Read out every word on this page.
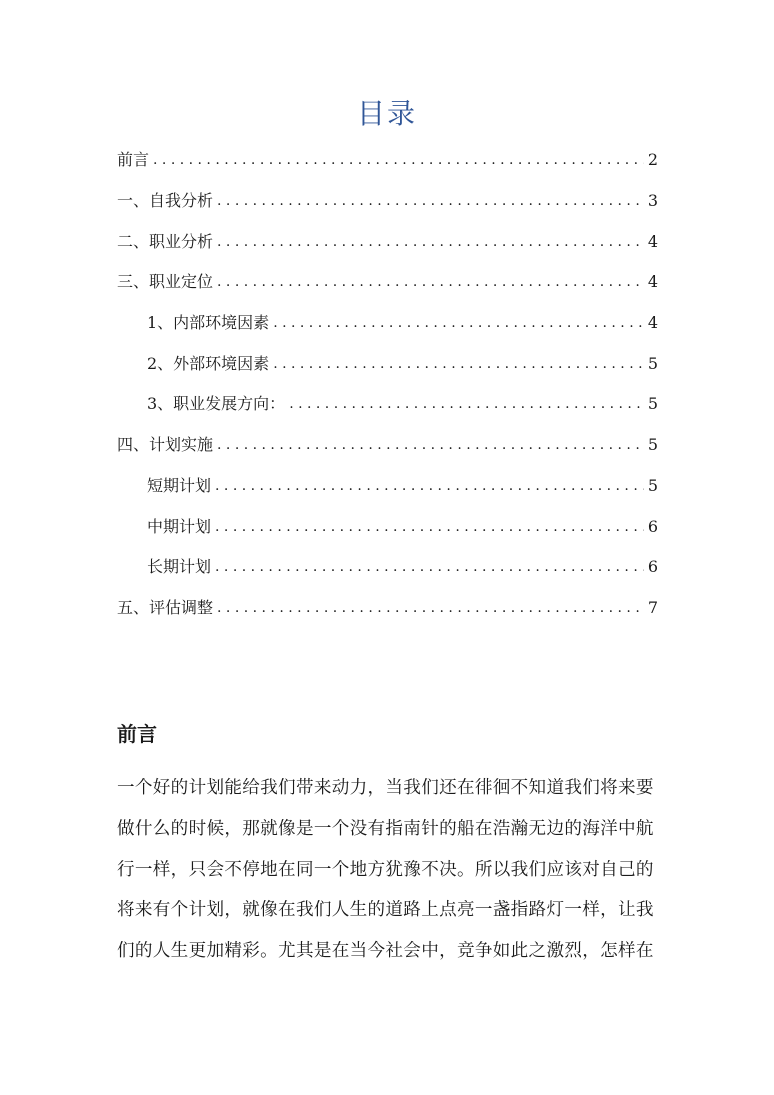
目录
前言 . . .	2
一、自我分析 . . .	3
二、职业分析 . . .	4
三、职业定位 . . .	4
1、内部环境因素 . . .	4
2、外部环境因素 . . .	5
3、职业发展方向： . . .	5
四、计划实施 . . .	5
短期计划 . . .	5
中期计划 . . .	6
长期计划 . . .	6
五、评估调整 . . .	7
前言
一个好的计划能给我们带来动力，当我们还在徘徊不知道我们将来要
做什么的时候，那就像是一个没有指南针的船在浩瀚无边的海洋中航
行一样，只会不停地在同一个地方犹豫不决。所以我们应该对自己的
将来有个计划，就像在我们人生的道路上点亮一盏指路灯一样，让我
们的人生更加精彩。尤其是在当今社会中，竞争如此之激烈，怎样在
